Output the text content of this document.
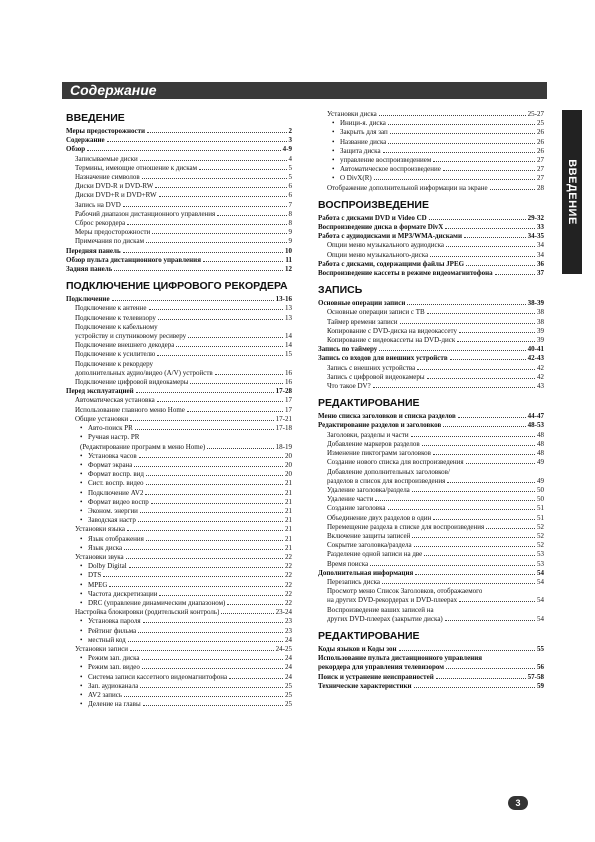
Содержание
ВВЕДЕНИЕ
ВВЕДЕНИЕ
Меры предосторожности	2
Содержание	3
Обзор	4-9
Записываемые диски	4
Термины, имеющие отношение к дискам	5
Назначение символов	5
Диски DVD-R и DVD-RW	6
Диски DVD+R и DVD+RW	6
Запись на DVD	7
Рабочий диапазон дистанционного управления	8
Сброс рекордера	8
Меры предосторожности	9
Примечания по дискам	9
Передняя панель	10
Обзор пульта дистанционного управления	11
Задняя панель	12
ПОДКЛЮЧЕНИЕ ЦИФРОВОГО РЕКОРДЕРА
Подключение	13-16
Подключение к антенне	13
Подключение к телевизору	13
Подключение к кабельному
устройству и спутниковому ресиверу	14
Подключение внешнего декодера	14
Подключение к усилителю	15
Подключение к рекордеру
дополнительных аудио/видео (A/V) устройств	16
Подключение цифровой видеокамеры	16
Перед эксплуатацией	17-28
Автоматическая установка	17
Использование главного меню Home	17
Общие установки	17-21
• Авто-поиск PR	17-18
• Ручная настр. PR
(Редактирование программ в меню Home)	18-19
• Установка часов	20
• Формат экрана	20
• Формат воспр. вид	20
• Сист. воспр. видео	21
• Подключение AV2	21
• Формат видео воспр	21
• Эконом. энергии	21
• Заводская настр	21
Установки языка	21
• Язык отображения	21
• Язык диска	21
Установки звука	22
• Dolby Digital	22
• DTS	22
• MPEG	22
• Частота дискретизации	22
• DRC (управление динамическим диапазоном)	22
Настройка блокировки (родительский контроль)	23-24
• Установка пароля	23
• Рейтинг фильма	23
• местный код	24
Установки записи	24-25
• Режим зап. диска	24
• Режим зап. видео	24
• Система записи кассетного видеомагнитофона	24
• Зап. аудиоканала	25
• AV2 запись	25
• Деление на главы	25
Установки диска	25-27
• Иници-я. диска	25
• Закрыть для зап	26
• Название диска	26
• Защита диска	26
• управление воспроизведением	27
• Автоматическое воспроизведение	27
• О DivX(R)	27
Отображение дополнительной информации на экране	28
ВОСПРОИЗВЕДЕНИЕ
Работа с дисками DVD и Video CD	29-32
Воспроизведение диска в формате DivX	33
Работа с аудиодисками и MP3/WMA-дисками	34-35
Опции меню музыкального аудиодиска	34
Опции меню музыкального-диска	34
Работа с дисками, содержащими файлы JPEG	36
Воспроизведение кассеты в режиме видеомагнитофона	37
ЗАПИСЬ
Основные операции записи	38-39
Основные операции записи с ТВ	38
Таймер времени записи	38
Копирование с DVD-диска на видеокассету	39
Копирование с видеокассеты на DVD-диск	39
Запись по таймеру	40-41
Запись со входов для внешних устройств	42-43
Запись с внешних устройства	42
Запись с цифровой видеокамеры	42
Что такое DV?	43
РЕДАКТИРОВАНИЕ
Меню списка заголовков и списка разделов	44-47
Редактирование разделов и заголовков	48-53
Заголовки, разделы и части	48
Добавление маркеров разделов	48
Изменение пиктограмм заголовков	48
Создание нового списка для воспроизведения	49
Добавление дополнительных заголовков/
разделов в список для воспроизведения	49
Удаление заголовка/раздела	50
Удаление части	50
Создание заголовка	51
Объединение двух разделов в один	51
Перемещение раздела в списке для воспроизведения	52
Включение защиты записей	52
Сокрытие заголовка/раздела	52
Разделение одной записи на две	53
Время поиска	53
Дополнительная информация	54
Перезапись диска	54
Просмотр меню Список Заголовков, отображаемого
на других DVD-рекордерах и DVD-плеерах	54
Воспроизведение ваших записей на
других DVD-плеерах (закрытие диска)	54
РЕДАКТИРОВАНИЕ
Коды языков и Коды зон	55
Использование пульта дистанционного управления
рекордера для управления телевизором	56
Поиск и устранение неисправностей	57-58
Технические характеристики	59
3
